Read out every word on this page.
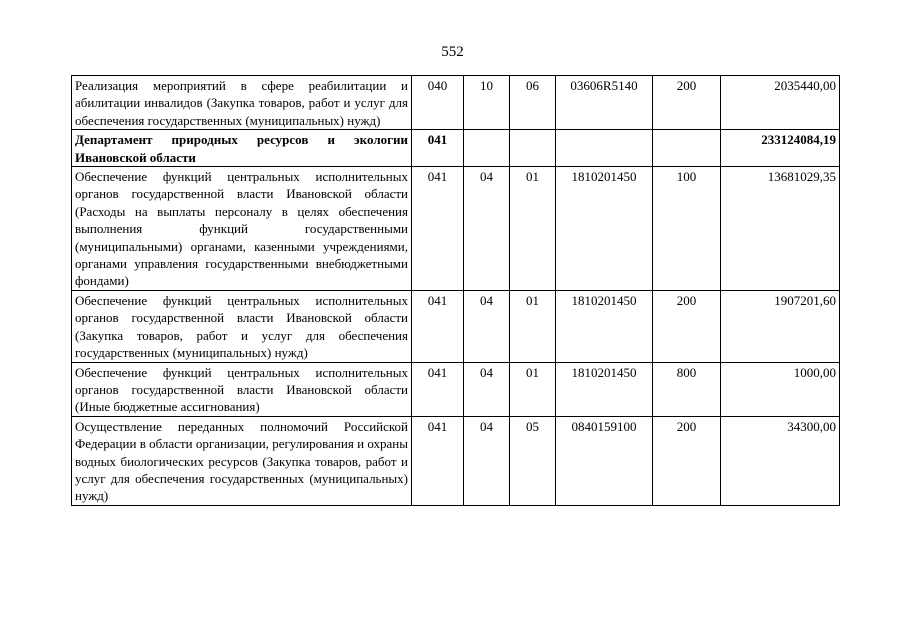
552
Реализация мероприятий в сфере реабилитации и абилитации инвалидов (Закупка товаров, работ и услуг для обеспечения государственных (муниципальных) нужд)	040	10	06	03606R5140	200	2035440,00
Департамент природных ресурсов и экологии Ивановской области	041					233124084,19
Обеспечение функций центральных исполнительных органов государственной власти Ивановской области (Расходы на выплаты персоналу в целях обеспечения выполнения функций государственными (муниципальными) органами, казенными учреждениями, органами управления государственными внебюджетными фондами)	041	04	01	1810201450	100	13681029,35
Обеспечение функций центральных исполнительных органов государственной власти Ивановской области (Закупка товаров, работ и услуг для обеспечения государственных (муниципальных) нужд)	041	04	01	1810201450	200	1907201,60
Обеспечение функций центральных исполнительных органов государственной власти Ивановской области (Иные бюджетные ассигнования)	041	04	01	1810201450	800	1000,00
Осуществление переданных полномочий Российской Федерации в области организации, регулирования и охраны водных биологических ресурсов (Закупка товаров, работ и услуг для обеспечения государственных (муниципальных) нужд)	041	04	05	0840159100	200	34300,00
